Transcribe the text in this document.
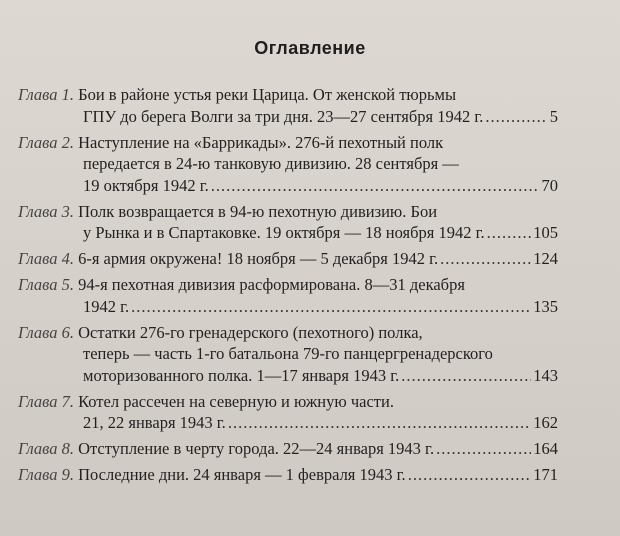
Оглавление
Глава 1. Бои в районе устья реки Царица. От женской тюрьмы
ГПУ до берега Волги за три дня. 23—27 сентября 1942 г. .....	5
Глава 2. Наступление на «Баррикады». 276-й пехотный полк
передается в 24-ю танковую дивизию. 28 сентября —
19 октября 1942 г. .....	70
Глава 3. Полк возвращается в 94-ю пехотную дивизию. Бои
у Рынка и в Спартаковке. 19 октября — 18 ноября 1942 г. .....	105
Глава 4. 6-я армия окружена! 18 ноября — 5 декабря 1942 г. .....	124
Глава 5. 94-я пехотная дивизия расформирована. 8—31 декабря
1942 г. .....	135
Глава 6. Остатки 276-го гренадерского (пехотного) полка,
теперь — часть 1-го батальона 79-го панцергренадерского
моторизованного полка. 1—17 января 1943 г. .....	143
Глава 7. Котел рассечен на северную и южную части.
21, 22 января 1943 г. .....	162
Глава 8. Отступление в черту города. 22—24 января 1943 г. .....	164
Глава 9. Последние дни. 24 января — 1 февраля 1943 г. .....	171
